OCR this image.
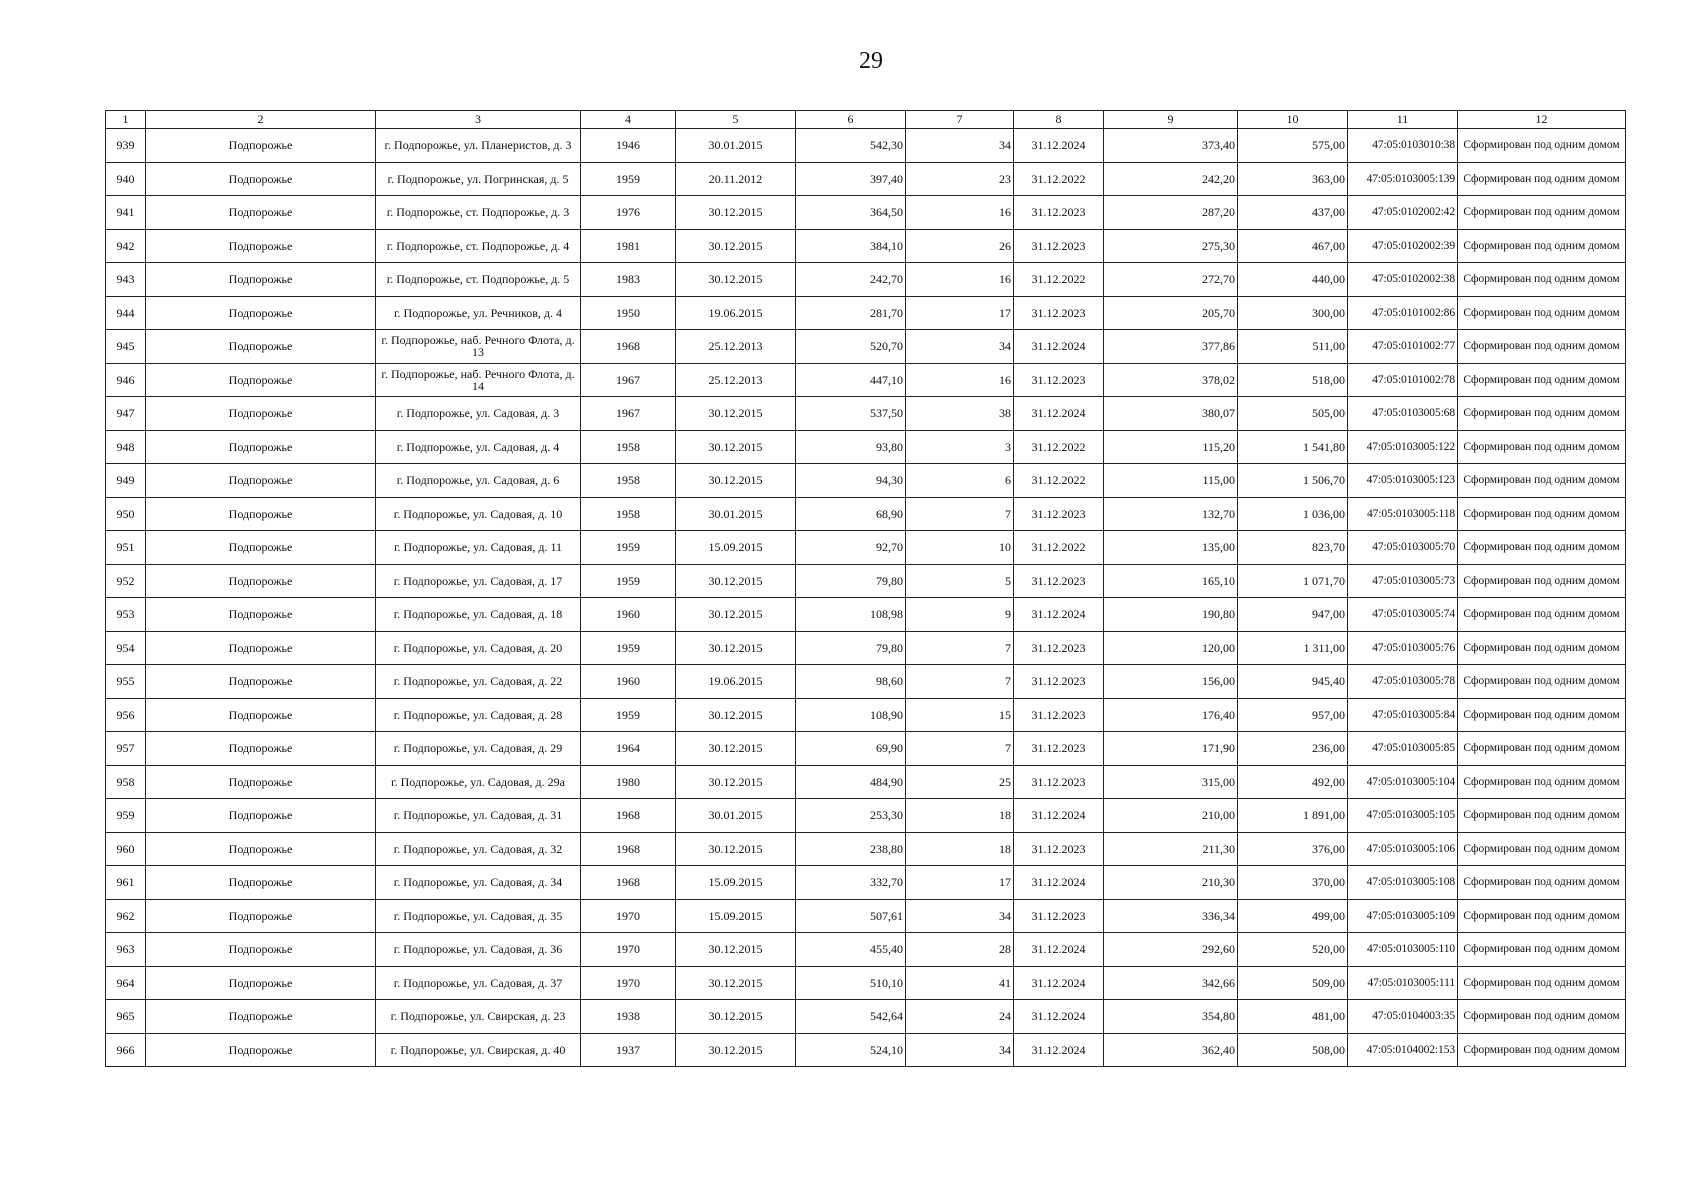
29
1	2	3	4	5	6	7	8	9	10	11	12
939	Подпорожье	г. Подпорожье, ул. Планеристов, д. 3	1946	30.01.2015	542,30	34	31.12.2024	373,40	575,00	47:05:0103010:38	Сформирован под одним домом
940	Подпорожье	г. Подпорожье, ул. Погринская, д. 5	1959	20.11.2012	397,40	23	31.12.2022	242,20	363,00	47:05:0103005:139	Сформирован под одним домом
941	Подпорожье	г. Подпорожье, ст. Подпорожье, д. 3	1976	30.12.2015	364,50	16	31.12.2023	287,20	437,00	47:05:0102002:42	Сформирован под одним домом
942	Подпорожье	г. Подпорожье, ст. Подпорожье, д. 4	1981	30.12.2015	384,10	26	31.12.2023	275,30	467,00	47:05:0102002:39	Сформирован под одним домом
943	Подпорожье	г. Подпорожье, ст. Подпорожье, д. 5	1983	30.12.2015	242,70	16	31.12.2022	272,70	440,00	47:05:0102002:38	Сформирован под одним домом
944	Подпорожье	г. Подпорожье, ул. Речников, д. 4	1950	19.06.2015	281,70	17	31.12.2023	205,70	300,00	47:05:0101002:86	Сформирован под одним домом
945	Подпорожье	г. Подпорожье, наб. Речного Флота, д. 13	1968	25.12.2013	520,70	34	31.12.2024	377,86	511,00	47:05:0101002:77	Сформирован под одним домом
946	Подпорожье	г. Подпорожье, наб. Речного Флота, д. 14	1967	25.12.2013	447,10	16	31.12.2023	378,02	518,00	47:05:0101002:78	Сформирован под одним домом
947	Подпорожье	г. Подпорожье, ул. Садовая, д. 3	1967	30.12.2015	537,50	38	31.12.2024	380,07	505,00	47:05:0103005:68	Сформирован под одним домом
948	Подпорожье	г. Подпорожье, ул. Садовая, д. 4	1958	30.12.2015	93,80	3	31.12.2022	115,20	1 541,80	47:05:0103005:122	Сформирован под одним домом
949	Подпорожье	г. Подпорожье, ул. Садовая, д. 6	1958	30.12.2015	94,30	6	31.12.2022	115,00	1 506,70	47:05:0103005:123	Сформирован под одним домом
950	Подпорожье	г. Подпорожье, ул. Садовая, д. 10	1958	30.01.2015	68,90	7	31.12.2023	132,70	1 036,00	47:05:0103005:118	Сформирован под одним домом
951	Подпорожье	г. Подпорожье, ул. Садовая, д. 11	1959	15.09.2015	92,70	10	31.12.2022	135,00	823,70	47:05:0103005:70	Сформирован под одним домом
952	Подпорожье	г. Подпорожье, ул. Садовая, д. 17	1959	30.12.2015	79,80	5	31.12.2023	165,10	1 071,70	47:05:0103005:73	Сформирован под одним домом
953	Подпорожье	г. Подпорожье, ул. Садовая, д. 18	1960	30.12.2015	108,98	9	31.12.2024	190,80	947,00	47:05:0103005:74	Сформирован под одним домом
954	Подпорожье	г. Подпорожье, ул. Садовая, д. 20	1959	30.12.2015	79,80	7	31.12.2023	120,00	1 311,00	47:05:0103005:76	Сформирован под одним домом
955	Подпорожье	г. Подпорожье, ул. Садовая, д. 22	1960	19.06.2015	98,60	7	31.12.2023	156,00	945,40	47:05:0103005:78	Сформирован под одним домом
956	Подпорожье	г. Подпорожье, ул. Садовая, д. 28	1959	30.12.2015	108,90	15	31.12.2023	176,40	957,00	47:05:0103005:84	Сформирован под одним домом
957	Подпорожье	г. Подпорожье, ул. Садовая, д. 29	1964	30.12.2015	69,90	7	31.12.2023	171,90	236,00	47:05:0103005:85	Сформирован под одним домом
958	Подпорожье	г. Подпорожье, ул. Садовая, д. 29а	1980	30.12.2015	484,90	25	31.12.2023	315,00	492,00	47:05:0103005:104	Сформирован под одним домом
959	Подпорожье	г. Подпорожье, ул. Садовая, д. 31	1968	30.01.2015	253,30	18	31.12.2024	210,00	1 891,00	47:05:0103005:105	Сформирован под одним домом
960	Подпорожье	г. Подпорожье, ул. Садовая, д. 32	1968	30.12.2015	238,80	18	31.12.2023	211,30	376,00	47:05:0103005:106	Сформирован под одним домом
961	Подпорожье	г. Подпорожье, ул. Садовая, д. 34	1968	15.09.2015	332,70	17	31.12.2024	210,30	370,00	47:05:0103005:108	Сформирован под одним домом
962	Подпорожье	г. Подпорожье, ул. Садовая, д. 35	1970	15.09.2015	507,61	34	31.12.2023	336,34	499,00	47:05:0103005:109	Сформирован под одним домом
963	Подпорожье	г. Подпорожье, ул. Садовая, д. 36	1970	30.12.2015	455,40	28	31.12.2024	292,60	520,00	47:05:0103005:110	Сформирован под одним домом
964	Подпорожье	г. Подпорожье, ул. Садовая, д. 37	1970	30.12.2015	510,10	41	31.12.2024	342,66	509,00	47:05:0103005:111	Сформирован под одним домом
965	Подпорожье	г. Подпорожье, ул. Свирская, д. 23	1938	30.12.2015	542,64	24	31.12.2024	354,80	481,00	47:05:0104003:35	Сформирован под одним домом
966	Подпорожье	г. Подпорожье, ул. Свирская, д. 40	1937	30.12.2015	524,10	34	31.12.2024	362,40	508,00	47:05:0104002:153	Сформирован под одним домом
